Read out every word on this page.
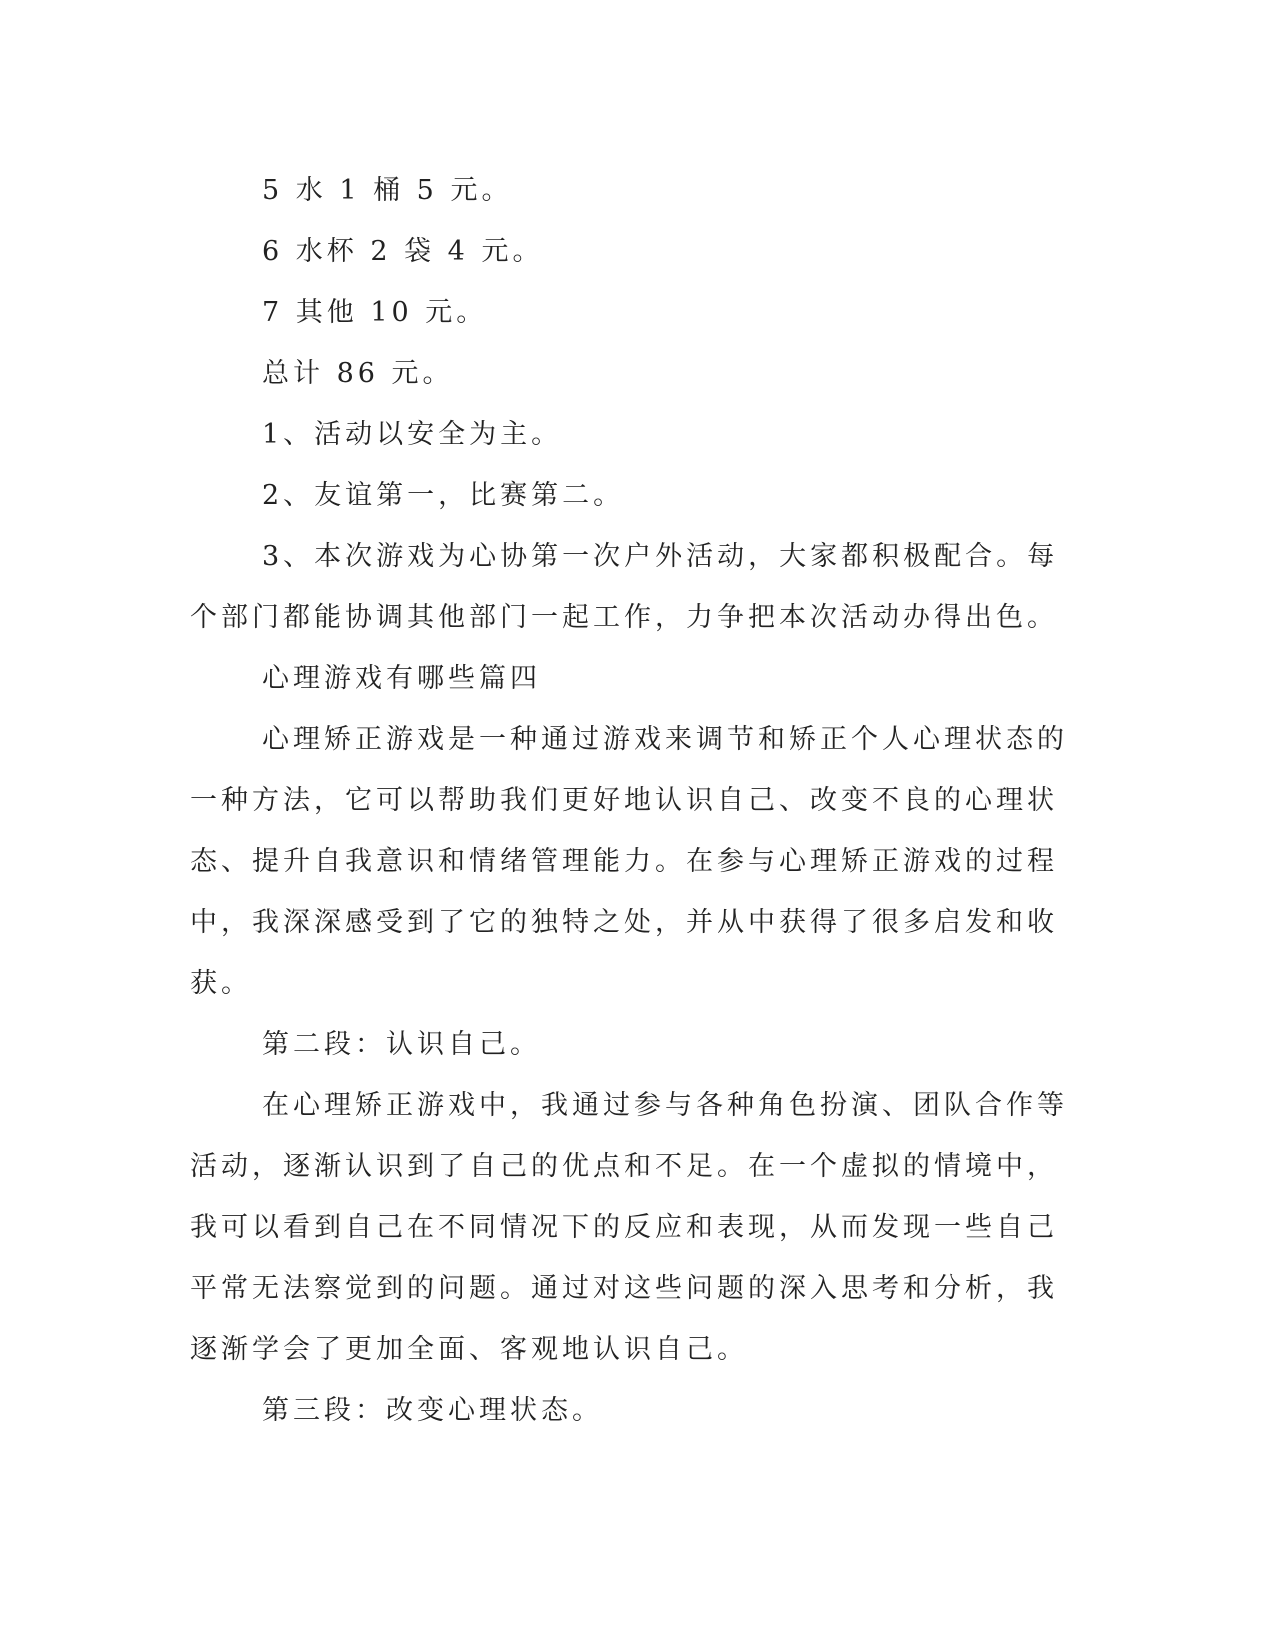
5 水 1 桶 5 元。

6 水杯 2 袋 4 元。

7 其他 10 元。

总计 86 元。

1、活动以安全为主。

2、友谊第一，比赛第二。

3、本次游戏为心协第一次户外活动，大家都积极配合。每个部门都能协调其他部门一起工作，力争把本次活动办得出色。

心理游戏有哪些篇四

心理矫正游戏是一种通过游戏来调节和矫正个人心理状态的一种方法，它可以帮助我们更好地认识自己、改变不良的心理状态、提升自我意识和情绪管理能力。在参与心理矫正游戏的过程中，我深深感受到了它的独特之处，并从中获得了很多启发和收获。

第二段：认识自己。

在心理矫正游戏中，我通过参与各种角色扮演、团队合作等活动，逐渐认识到了自己的优点和不足。在一个虚拟的情境中，我可以看到自己在不同情况下的反应和表现，从而发现一些自己平常无法察觉到的问题。通过对这些问题的深入思考和分析，我逐渐学会了更加全面、客观地认识自己。

第三段：改变心理状态。
